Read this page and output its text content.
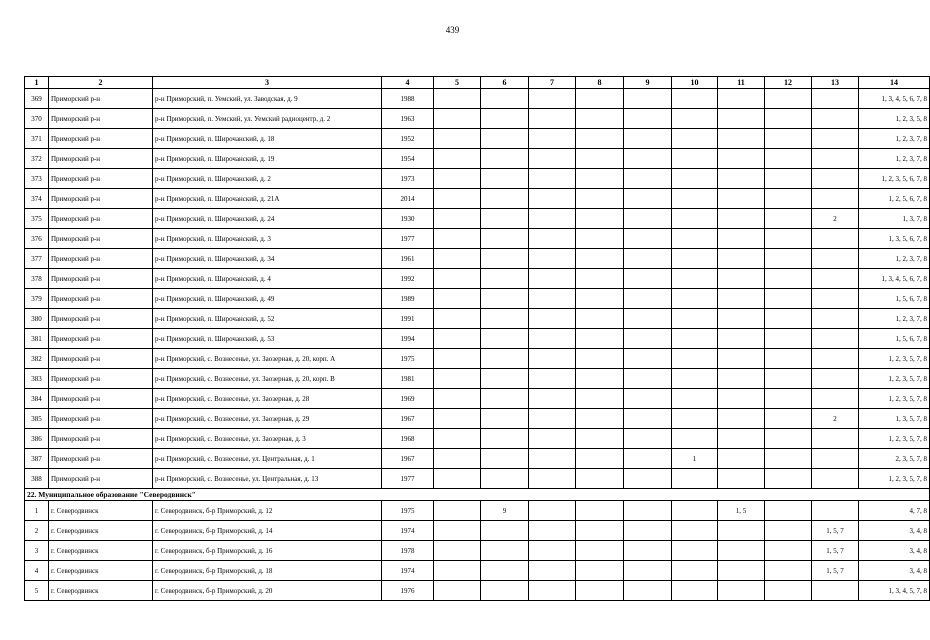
439
1	2	3	4	5	6	7	8	9	10	11	12	13	14
369	Приморский р-н	р-н Приморский, п. Уемский, ул. Заводская, д. 9	1988										1, 3, 4, 5, 6, 7, 8
370	Приморский р-н	р-н Приморский, п. Уемский, ул. Уемский радиоцентр, д. 2	1963										1, 2, 3, 5, 8
371	Приморский р-н	р-н Приморский, п. Широчанский, д. 18	1952										1, 2, 3, 7, 8
372	Приморский р-н	р-н Приморский, п. Широчанский, д. 19	1954										1, 2, 3, 7, 8
373	Приморский р-н	р-н Приморский, п. Широчанский, д. 2	1973										1, 2, 3, 5, 6, 7, 8
374	Приморский р-н	р-н Приморский, п. Широчанский, д. 21А	2014										1, 2, 5, 6, 7, 8
375	Приморский р-н	р-н Приморский, п. Широчанский, д. 24	1930									2	1, 3, 7, 8
376	Приморский р-н	р-н Приморский, п. Широчанский, д. 3	1977										1, 3, 5, 6, 7, 8
377	Приморский р-н	р-н Приморский, п. Широчанский, д. 34	1961										1, 2, 3, 7, 8
378	Приморский р-н	р-н Приморский, п. Широчанский, д. 4	1992										1, 3, 4, 5, 6, 7, 8
379	Приморский р-н	р-н Приморский, п. Широчанский, д. 49	1989										1, 5, 6, 7, 8
380	Приморский р-н	р-н Приморский, п. Широчанский, д. 52	1991										1, 2, 3, 7, 8
381	Приморский р-н	р-н Приморский, п. Широчанский, д. 53	1994										1, 5, 6, 7, 8
382	Приморский р-н	р-н Приморский, с. Вознесенье, ул. Заозерная, д. 20, корп. А	1975										1, 2, 3, 5, 7, 8
383	Приморский р-н	р-н Приморский, с. Вознесенье, ул. Заозерная, д. 20, корп. В	1981										1, 2, 3, 5, 7, 8
384	Приморский р-н	р-н Приморский, с. Вознесенье, ул. Заозерная, д. 28	1969										1, 2, 3, 5, 7, 8
385	Приморский р-н	р-н Приморский, с. Вознесенье, ул. Заозерная, д. 29	1967									2	1, 3, 5, 7, 8
386	Приморский р-н	р-н Приморский, с. Вознесенье, ул. Заозерная, д. 3	1968										1, 2, 3, 5, 7, 8
387	Приморский р-н	р-н Приморский, с. Вознесенье, ул. Центральная, д. 1	1967						1				2, 3, 5, 7, 8
388	Приморский р-н	р-н Приморский, с. Вознесенье, ул. Центральная, д. 13	1977										1, 2, 3, 5, 7, 8
22. Муниципальное образование "Северодвинск"													
1	г. Северодвинск	г. Северодвинск, б-р Приморский, д. 12	1975		9					1, 5			4, 7, 8
2	г. Северодвинск	г. Северодвинск, б-р Приморский, д. 14	1974									1, 5, 7	3, 4, 8
3	г. Северодвинск	г. Северодвинск, б-р Приморский, д. 16	1978									1, 5, 7	3, 4, 8
4	г. Северодвинск	г. Северодвинск, б-р Приморский, д. 18	1974									1, 5, 7	3, 4, 8
5	г. Северодвинск	г. Северодвинск, б-р Приморский, д. 20	1976										1, 3, 4, 5, 7, 8
